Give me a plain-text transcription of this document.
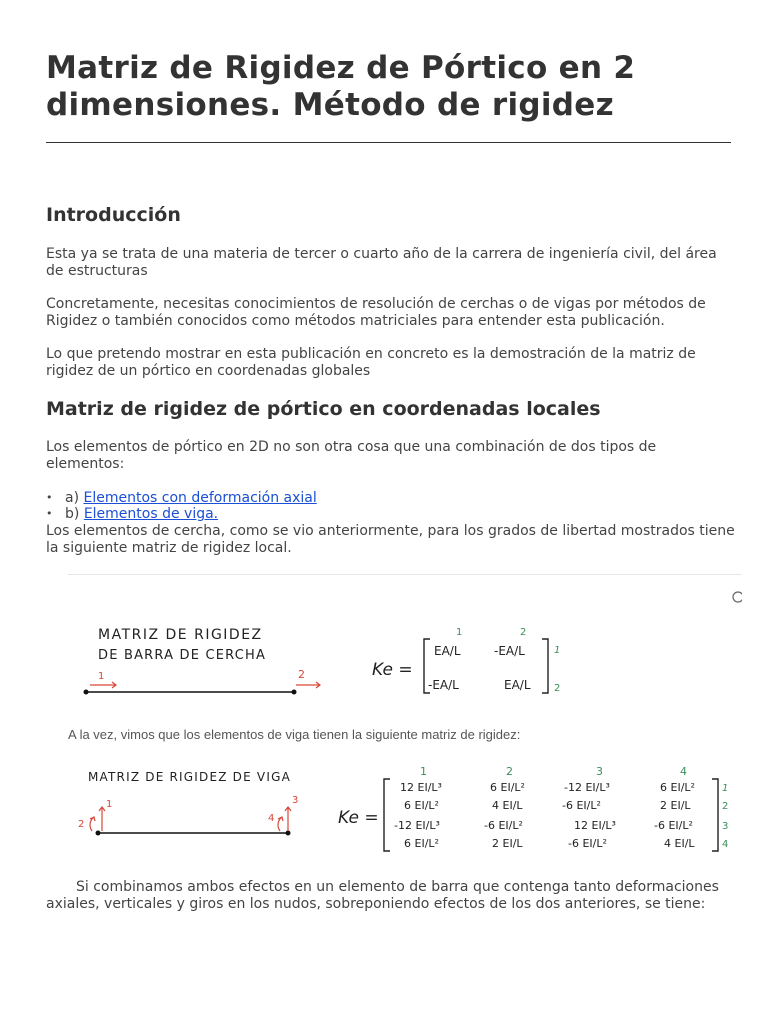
Matriz de Rigidez de Pórtico en 2 dimensiones. Método de rigidez
Introducción

Esta ya se trata de una materia de tercer o cuarto año de la carrera de ingeniería civil, del área de estructuras

Concretamente, necesitas conocimientos de resolución de cerchas o de vigas por métodos de Rigidez o también conocidos como métodos matriciales para entender esta publicación.

Lo que pretendo mostrar en esta publicación en concreto es la demostración de la matriz de rigidez de un pórtico en coordenadas globales

Matriz de rigidez de pórtico en coordenadas locales

Los elementos de pórtico en 2D no son otra cosa que una combinación de dos tipos de elementos:

• a) Elementos con deformación axial
• b) Elementos de viga.

Los elementos de cercha, como se vio anteriormente, para los grados de libertad mostrados tiene la siguiente matriz de rigidez local.

MATRIZ DE RIGIDEZ
DE BARRA DE CERCHA
1	2	Ke =
1	2
EA/L	-EA/L
-EA/L	EA/L
1
2
A la vez, vimos que los elementos de viga tienen la siguiente matriz de rigidez:
MATRIZ DE RIGIDEZ DE VIGA
1
2
3
4	Ke =
1	2	3	4
12 EI/L³	6 EI/L²	-12 EI/L³	6 EI/L²
6 EI/L²	4 EI/L	-6 EI/L²	2 EI/L
-12 EI/L³	-6 EI/L²	12 EI/L³	-6 EI/L²
6 EI/L²	2 EI/L	-6 EI/L²	4 EI/L
1
2
3
4

Si combinamos ambos efectos en un elemento de barra que contenga tanto deformaciones axiales, verticales y giros en los nudos, sobreponiendo efectos de los dos anteriores, se tiene:
